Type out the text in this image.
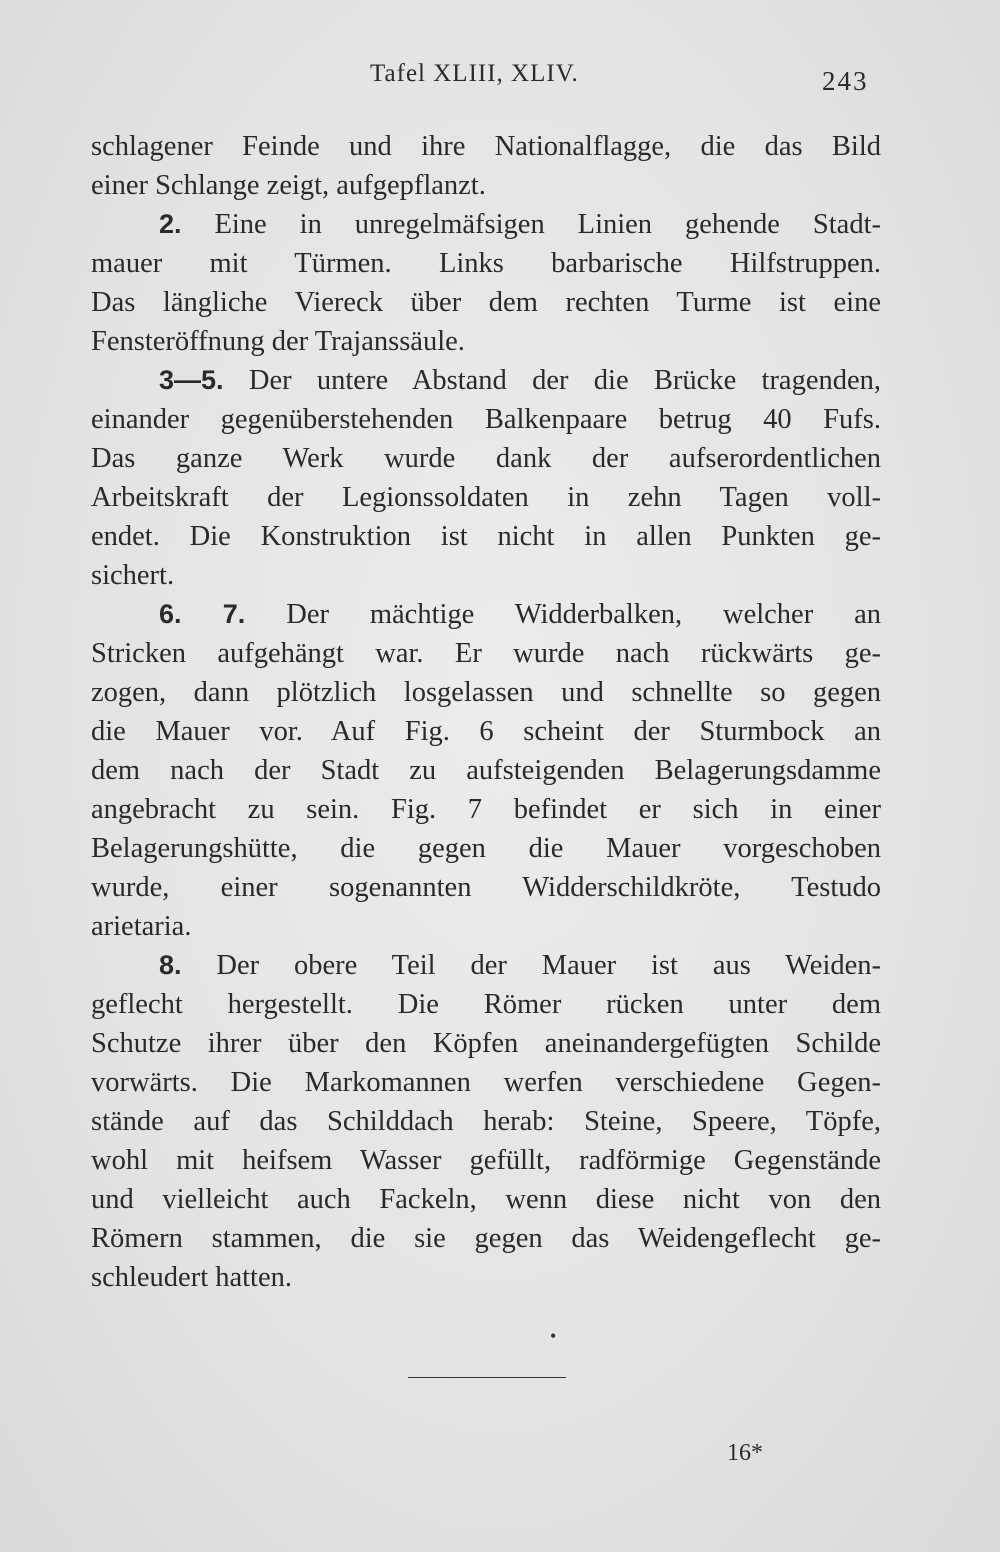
Tafel XLIII, XLIV.	243
schlagener Feinde und ihre Nationalflagge, die das Bild
einer Schlange zeigt, aufgepflanzt.
2. Eine in unregelmäfsigen Linien gehende Stadt-
mauer mit Türmen. Links barbarische Hilfstruppen.
Das längliche Viereck über dem rechten Turme ist eine
Fensteröffnung der Trajanssäule.
3—5. Der untere Abstand der die Brücke tragenden,
einander gegenüberstehenden Balkenpaare betrug 40 Fufs.
Das ganze Werk wurde dank der aufserordentlichen
Arbeitskraft der Legionssoldaten in zehn Tagen voll-
endet. Die Konstruktion ist nicht in allen Punkten ge-
sichert.
6. 7. Der mächtige Widderbalken, welcher an
Stricken aufgehängt war. Er wurde nach rückwärts ge-
zogen, dann plötzlich losgelassen und schnellte so gegen
die Mauer vor. Auf Fig. 6 scheint der Sturmbock an
dem nach der Stadt zu aufsteigenden Belagerungsdamme
angebracht zu sein. Fig. 7 befindet er sich in einer
Belagerungshütte, die gegen die Mauer vorgeschoben
wurde, einer sogenannten Widderschildkröte, Testudo
arietaria.
8. Der obere Teil der Mauer ist aus Weiden-
geflecht hergestellt. Die Römer rücken unter dem
Schutze ihrer über den Köpfen aneinandergefügten Schilde
vorwärts. Die Markomannen werfen verschiedene Gegen-
stände auf das Schilddach herab: Steine, Speere, Töpfe,
wohl mit heifsem Wasser gefüllt, radförmige Gegenstände
und vielleicht auch Fackeln, wenn diese nicht von den
Römern stammen, die sie gegen das Weidengeflecht ge-
schleudert hatten.
•
16*
